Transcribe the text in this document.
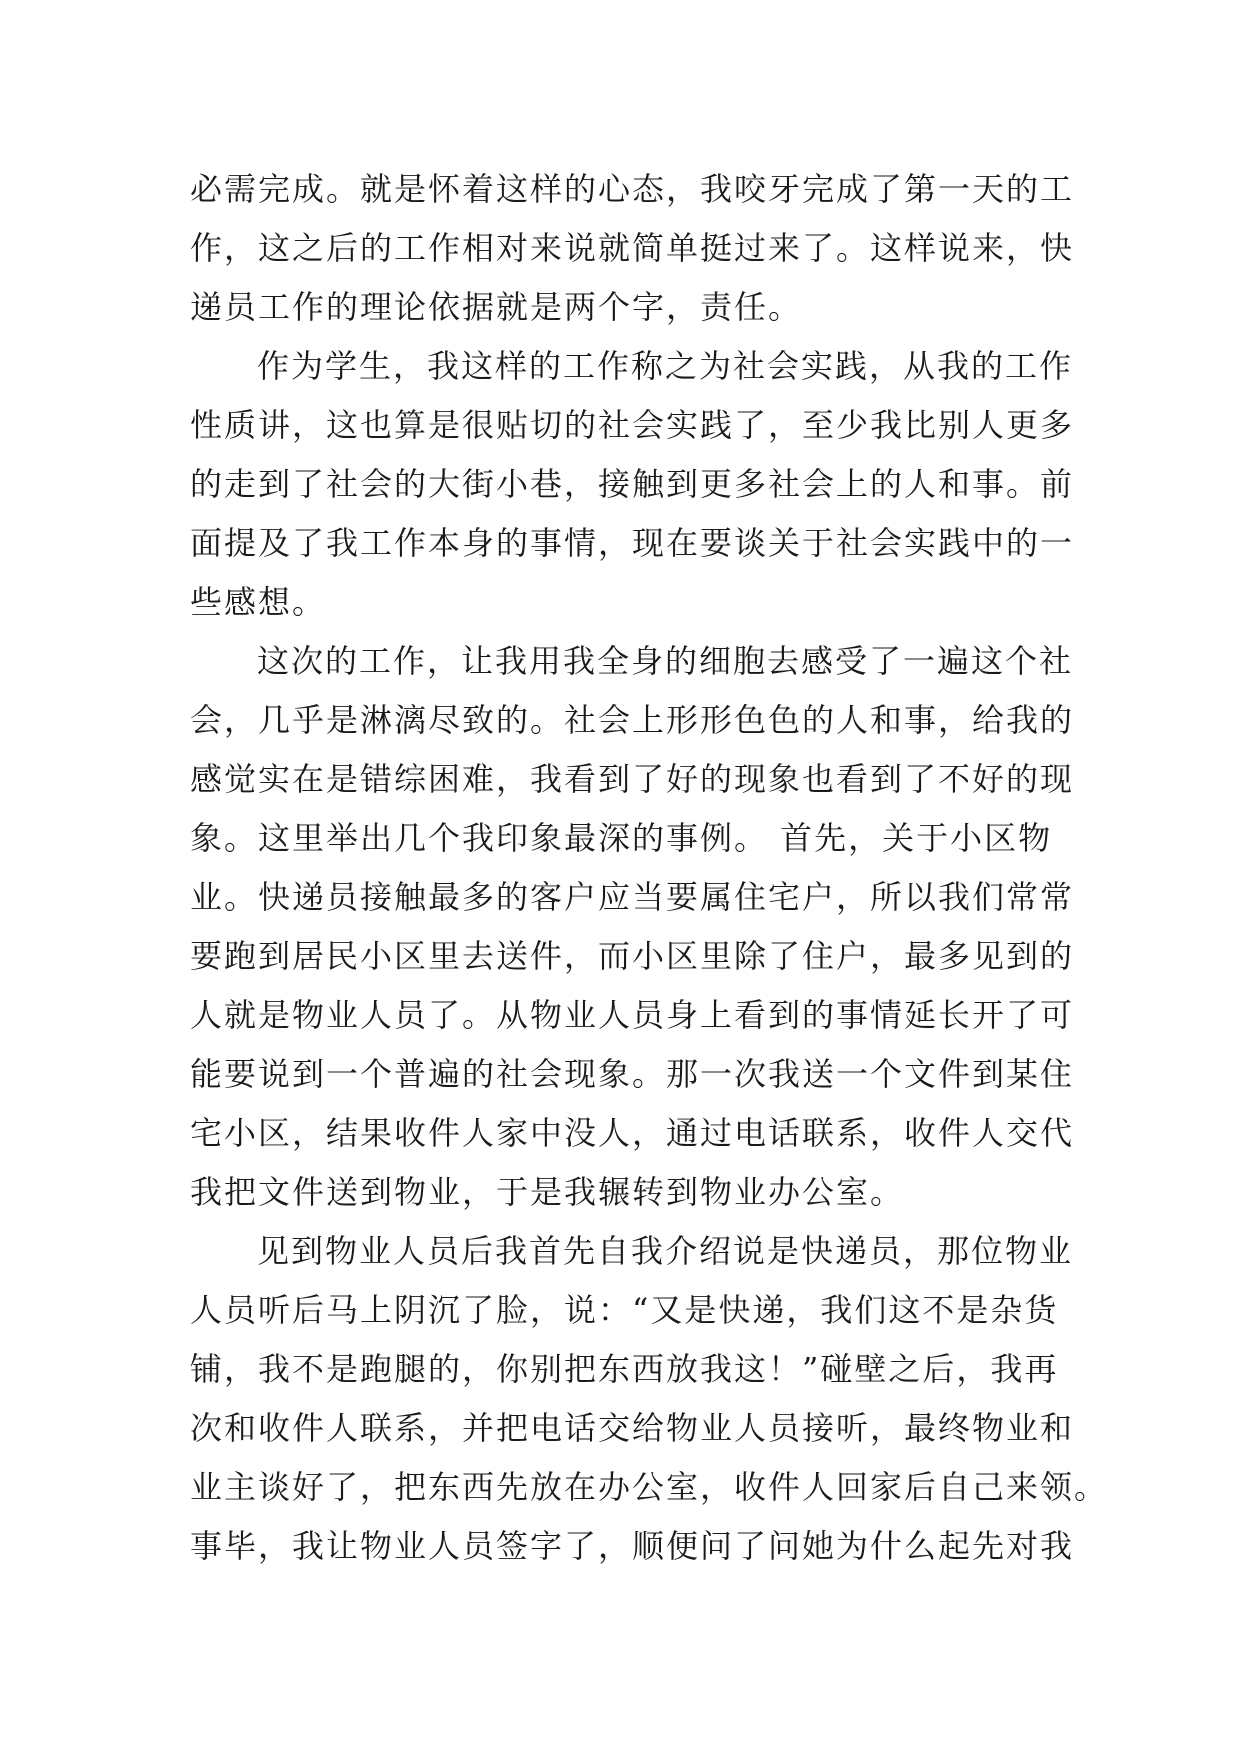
必需完成。就是怀着这样的心态，我咬牙完成了第一天的工
作，这之后的工作相对来说就简单挺过来了。这样说来，快
递员工作的理论依据就是两个字，责任。
作为学生，我这样的工作称之为社会实践，从我的工作
性质讲，这也算是很贴切的社会实践了，至少我比别人更多
的走到了社会的大街小巷，接触到更多社会上的人和事。前
面提及了我工作本身的事情，现在要谈关于社会实践中的一
些感想。
这次的工作，让我用我全身的细胞去感受了一遍这个社
会，几乎是淋漓尽致的。社会上形形色色的人和事，给我的
感觉实在是错综困难，我看到了好的现象也看到了不好的现
象。这里举出几个我印象最深的事例。 首先，关于小区物
业。快递员接触最多的客户应当要属住宅户，所以我们常常
要跑到居民小区里去送件，而小区里除了住户，最多见到的
人就是物业人员了。从物业人员身上看到的事情延长开了可
能要说到一个普遍的社会现象。那一次我送一个文件到某住
宅小区，结果收件人家中没人，通过电话联系，收件人交代
我把文件送到物业，于是我辗转到物业办公室。
见到物业人员后我首先自我介绍说是快递员，那位物业
人员听后马上阴沉了脸，说：“又是快递，我们这不是杂货
铺，我不是跑腿的，你别把东西放我这！”碰壁之后，我再
次和收件人联系，并把电话交给物业人员接听，最终物业和
业主谈好了，把东西先放在办公室，收件人回家后自己来领。
事毕，我让物业人员签字了，顺便问了问她为什么起先对我
